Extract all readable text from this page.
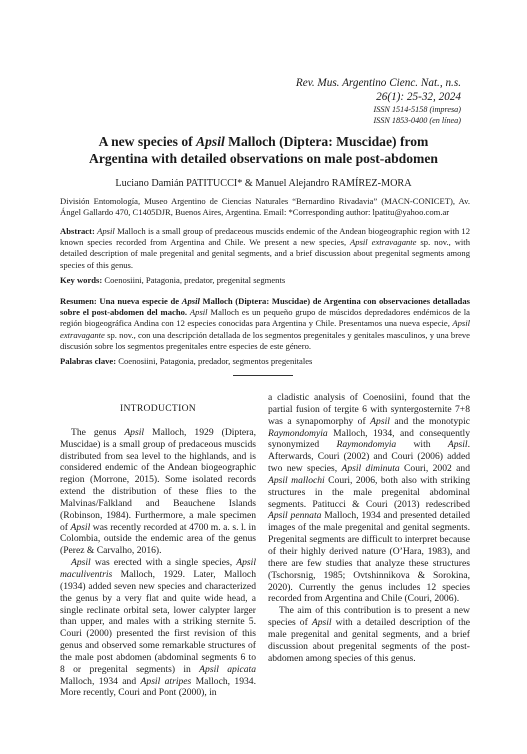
Rev. Mus. Argentino Cienc. Nat., n.s.
26(1): 25-32, 2024
ISSN 1514-5158 (impresa)
ISSN 1853-0400 (en línea)
A new species of Apsil Malloch (Diptera: Muscidae) from
Argentina with detailed observations on male post-abdomen
Luciano Damián PATITUCCI* & Manuel Alejandro RAMÍREZ-MORA
División Entomología, Museo Argentino de Ciencias Naturales “Bernardino Rivadavia” (MACN-CONICET), Av. Ángel Gallardo 470, C1405DJR, Buenos Aires, Argentina. Email: *Corresponding author: lpatitu@yahoo.com.ar
Abstract: Apsil Malloch is a small group of predaceous muscids endemic of the Andean biogeographic region with 12 known species recorded from Argentina and Chile. We present a new species, Apsil extravagante sp. nov., with detailed description of male pregenital and genital segments, and a brief discussion about pregenital segments among species of this genus.
Key words: Coenosiini, Patagonia, predator, pregenital segments
Resumen: Una nueva especie de Apsil Malloch (Diptera: Muscidae) de Argentina con observaciones detalladas sobre el post-abdomen del macho. Apsil Malloch es un pequeño grupo de múscidos depredadores endémicos de la región biogeográfica Andina con 12 especies conocidas para Argentina y Chile. Presentamos una nueva especie, Apsil extravagante sp. nov., con una descripción detallada de los segmentos pregenitales y genitales masculinos, y una breve discusión sobre los segmentos pregenitales entre especies de este género.
Palabras clave: Coenosiini, Patagonia, predador, segmentos pregenitales
INTRODUCTION

The genus Apsil Malloch, 1929 (Diptera, Muscidae) is a small group of predaceous muscids distributed from sea level to the highlands, and is considered endemic of the Andean biogeographic region (Morrone, 2015). Some isolated records extend the distribution of these flies to the Malvinas/Falkland and Beauchene Islands (Robinson, 1984). Furthermore, a male specimen of Apsil was recently recorded at 4700 m. a. s. l. in Colombia, outside the endemic area of the genus (Perez & Carvalho, 2016).

Apsil was erected with a single species, Apsil maculiventris Malloch, 1929. Later, Malloch (1934) added seven new species and characterized the genus by a very flat and quite wide head, a single reclinate orbital seta, lower calypter larger than upper, and males with a striking sternite 5. Couri (2000) presented the first revision of this genus and observed some remarkable structures of the male post abdomen (abdominal segments 6 to 8 or pregenital segments) in Apsil apicata Malloch, 1934 and Apsil atripes Malloch, 1934. More recently, Couri and Pont (2000), in

a cladistic analysis of Coenosiini, found that the partial fusion of tergite 6 with syntergosternite 7+8 was a synapomorphy of Apsil and the monotypic Raymondomyia Malloch, 1934, and consequently synonymized Raymondomyia with Apsil. Afterwards, Couri (2002) and Couri (2006) added two new species, Apsil diminuta Couri, 2002 and Apsil mallochi Couri, 2006, both also with striking structures in the male pregenital abdominal segments. Patitucci & Couri (2013) redescribed Apsil pennata Malloch, 1934 and presented detailed images of the male pregenital and genital segments. Pregenital segments are difficult to interpret because of their highly derived nature (O’Hara, 1983), and there are few studies that analyze these structures (Tschorsnig, 1985; Ovtshinnikova & Sorokina, 2020). Currently the genus includes 12 species recorded from Argentina and Chile (Couri, 2006).

The aim of this contribution is to present a new species of Apsil with a detailed description of the male pregenital and genital segments, and a brief discussion about pregenital segments of the post-abdomen among species of this genus.
